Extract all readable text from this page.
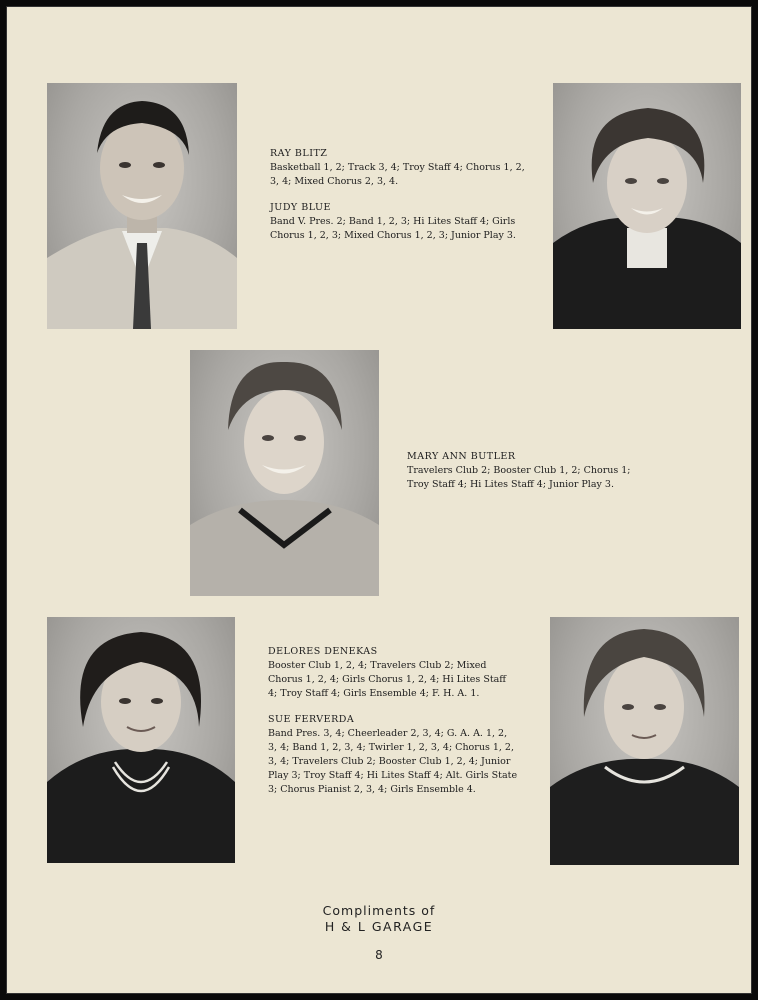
RAY BLITZ

Basketball 1, 2; Track 3, 4; Troy Staff 4; Chorus 1, 2, 3, 4; Mixed Chorus 2, 3, 4.

JUDY BLUE

Band V. Pres. 2; Band 1, 2, 3; Hi Lites Staff 4; Girls Chorus 1, 2, 3; Mixed Chorus 1, 2, 3; Junior Play 3.

MARY ANN BUTLER

Travelers Club 2; Booster Club 1, 2; Chorus 1; Troy Staff 4; Hi Lites Staff 4; Junior Play 3.

DELORES DENEKAS

Booster Club 1, 2, 4; Travelers Club 2; Mixed Chorus 1, 2, 4; Girls Chorus 1, 2, 4; Hi Lites Staff 4; Troy Staff 4; Girls Ensemble 4; F. H. A. 1.

SUE FERVERDA

Band Pres. 3, 4; Cheerleader 2, 3, 4; G. A. A. 1, 2, 3, 4; Band 1, 2, 3, 4; Twirler 1, 2, 3, 4; Chorus 1, 2, 3, 4; Travelers Club 2; Booster Club 1, 2, 4; Junior Play 3; Troy Staff 4; Hi Lites Staff 4; Alt. Girls State 3; Chorus Pianist 2, 3, 4; Girls Ensemble 4.

Compliments of
H & L GARAGE
8
